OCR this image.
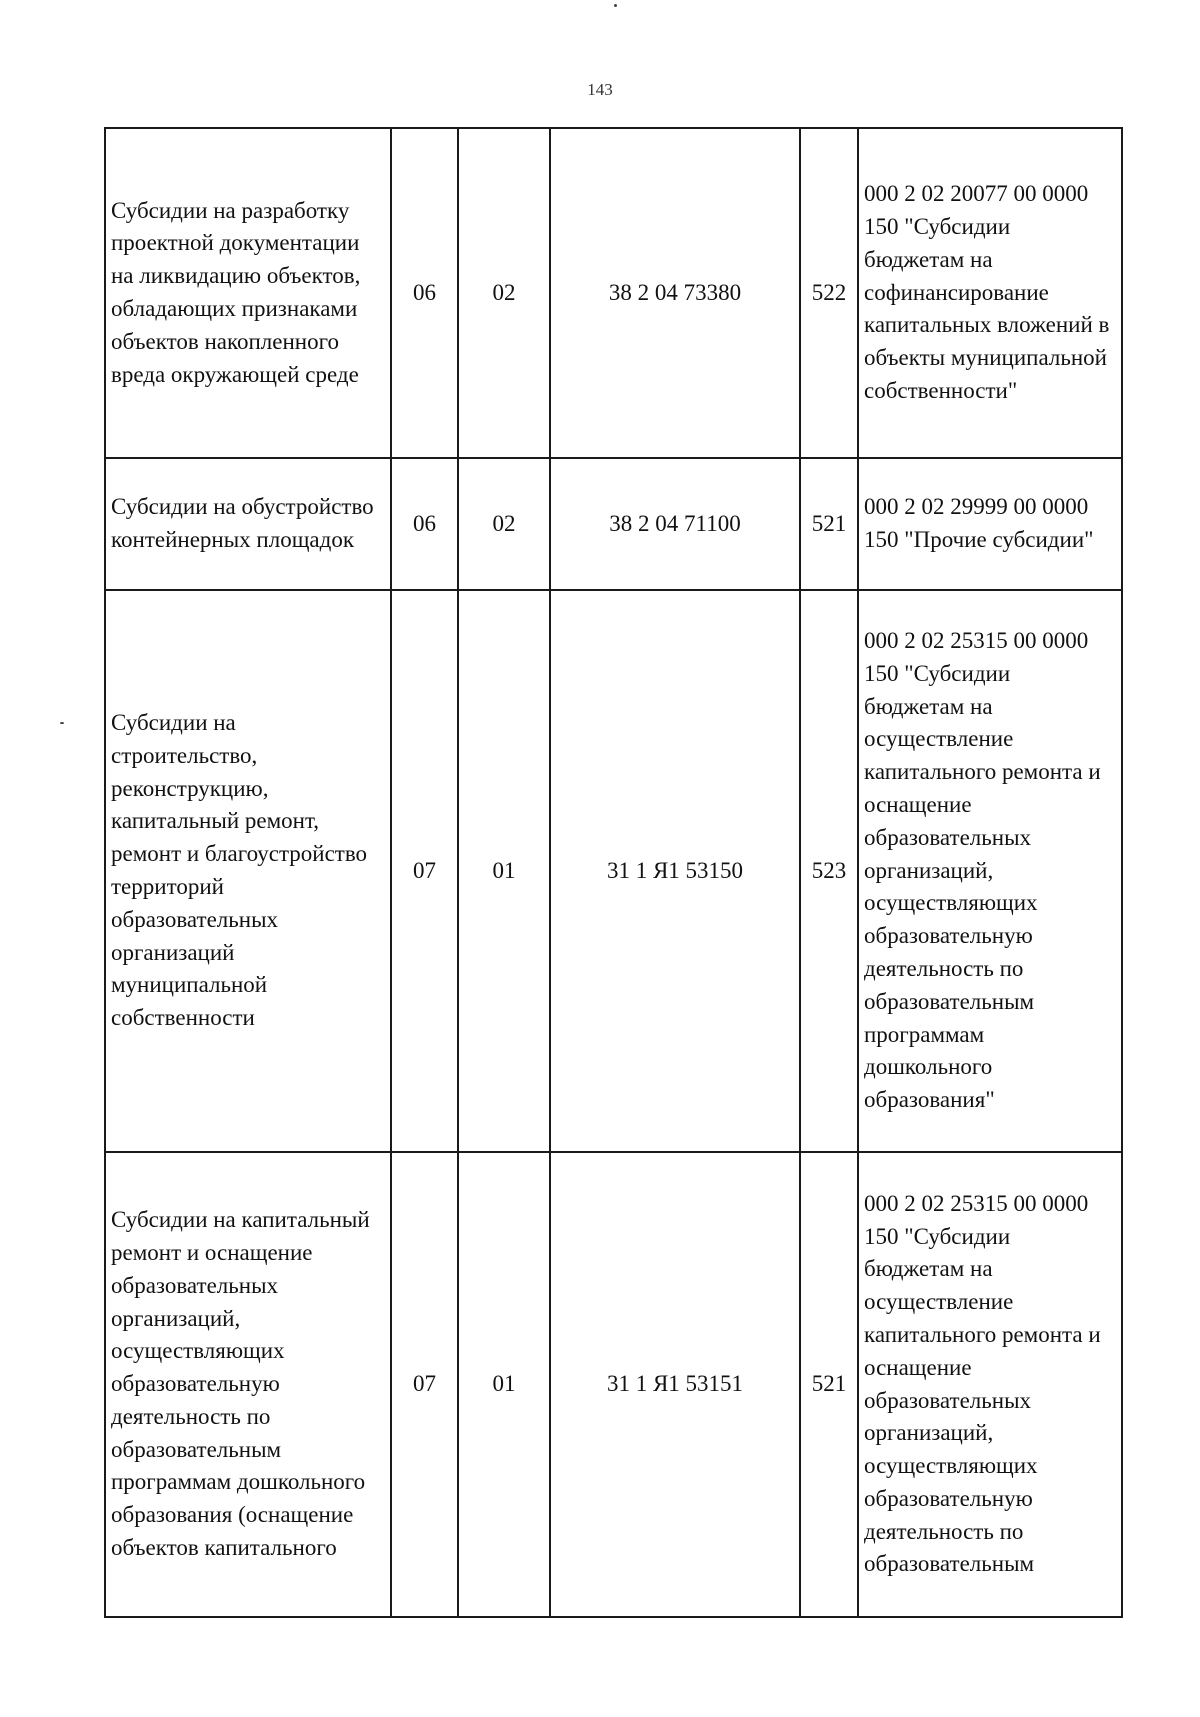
143
Субсидии на разработку проектной документации на ликвидацию объектов, обладающих признаками объектов накопленного вреда окружающей среде	06	02	38 2 04 73380	522	000 2 02 20077 00 0000 150 "Субсидии бюджетам на софинансирование капитальных вложений в объекты муниципальной собственности"
Субсидии на обустройство контейнерных площадок	06	02	38 2 04 71100	521	000 2 02 29999 00 0000 150 "Прочие субсидии"
Субсидии на строительство, реконструкцию, капитальный ремонт, ремонт и благоустройство территорий образовательных организаций муниципальной собственности	07	01	31 1 Я1 53150	523	000 2 02 25315 00 0000 150 "Субсидии бюджетам на осуществление капитального ремонта и оснащение образовательных организаций, осуществляющих образовательную деятельность по образовательным программам дошкольного образования"
Субсидии на капитальный ремонт и оснащение образовательных организаций, осуществляющих образовательную деятельность по образовательным программам дошкольного образования (оснащение объектов капитального	07	01	31 1 Я1 53151	521	000 2 02 25315 00 0000 150 "Субсидии бюджетам на осуществление капитального ремонта и оснащение образовательных организаций, осуществляющих образовательную деятельность по образовательным
